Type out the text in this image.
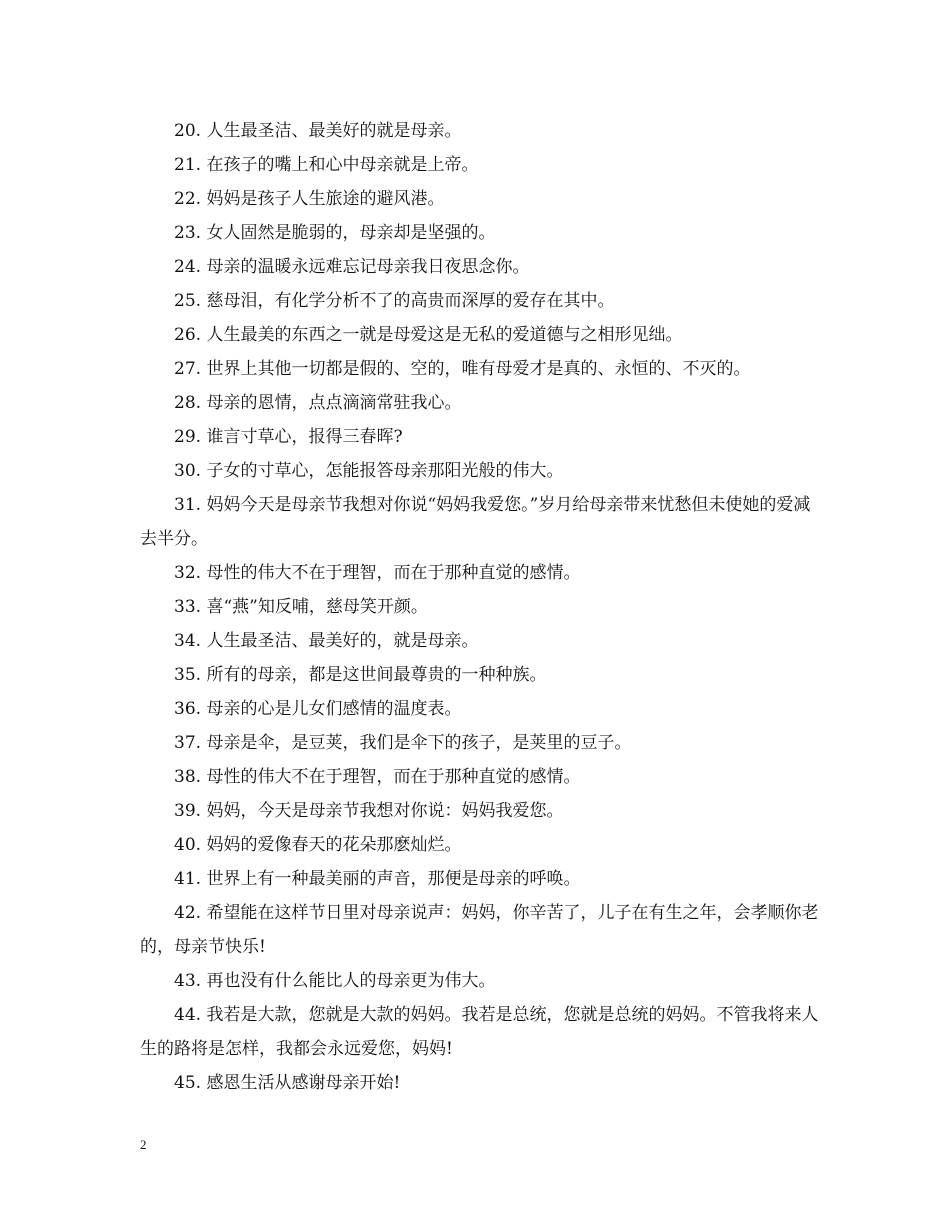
20. 人生最圣洁、最美好的就是母亲。

21. 在孩子的嘴上和心中母亲就是上帝。

22. 妈妈是孩子人生旅途的避风港。

23. 女人固然是脆弱的，母亲却是坚强的。

24. 母亲的温暖永远难忘记母亲我日夜思念你。

25. 慈母泪，有化学分析不了的高贵而深厚的爱存在其中。

26. 人生最美的东西之一就是母爱这是无私的爱道德与之相形见绌。

27. 世界上其他一切都是假的、空的，唯有母爱才是真的、永恒的、不灭的。

28. 母亲的恩情，点点滴滴常驻我心。

29. 谁言寸草心，报得三春晖?

30. 子女的寸草心，怎能报答母亲那阳光般的伟大。

31. 妈妈今天是母亲节我想对你说“妈妈我爱您。”岁月给母亲带来忧愁但未使她的爱减去半分。

32. 母性的伟大不在于理智，而在于那种直觉的感情。

33. 喜“燕”知反哺，慈母笑开颜。

34. 人生最圣洁、最美好的，就是母亲。

35. 所有的母亲，都是这世间最尊贵的一种种族。

36. 母亲的心是儿女们感情的温度表。

37. 母亲是伞，是豆荚，我们是伞下的孩子，是荚里的豆子。

38. 母性的伟大不在于理智，而在于那种直觉的感情。

39. 妈妈，今天是母亲节我想对你说：妈妈我爱您。

40. 妈妈的爱像春天的花朵那麽灿烂。

41. 世界上有一种最美丽的声音，那便是母亲的呼唤。

42. 希望能在这样节日里对母亲说声：妈妈，你辛苦了，儿子在有生之年，会孝顺你老的，母亲节快乐!

43. 再也没有什么能比人的母亲更为伟大。

44. 我若是大款，您就是大款的妈妈。我若是总统，您就是总统的妈妈。不管我将来人生的路将是怎样，我都会永远爱您，妈妈!

45. 感恩生活从感谢母亲开始!

2
